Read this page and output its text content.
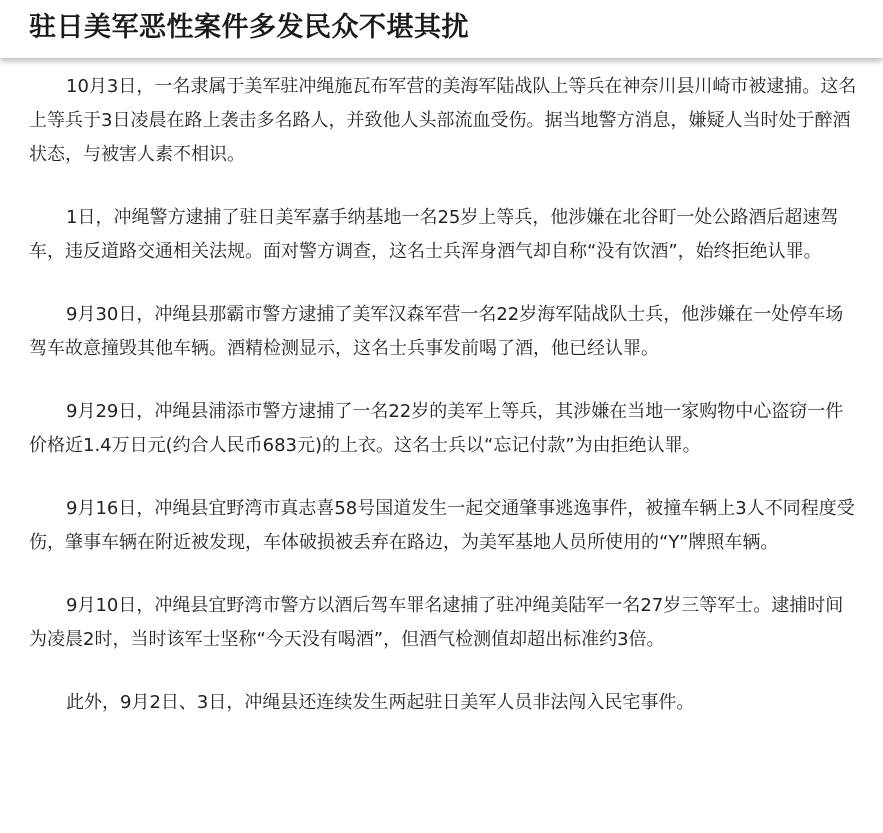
驻日美军恶性案件多发民众不堪其扰

10月3日，一名隶属于美军驻冲绳施瓦布军营的美海军陆战队上等兵在神奈川县川崎市被逮捕。这名上等兵于3日凌晨在路上袭击多名路人，并致他人头部流血受伤。据当地警方消息，嫌疑人当时处于醉酒状态，与被害人素不相识。

1日，冲绳警方逮捕了驻日美军嘉手纳基地一名25岁上等兵，他涉嫌在北谷町一处公路酒后超速驾车，违反道路交通相关法规。面对警方调查，这名士兵浑身酒气却自称“没有饮酒”，始终拒绝认罪。

9月30日，冲绳县那霸市警方逮捕了美军汉森军营一名22岁海军陆战队士兵，他涉嫌在一处停车场驾车故意撞毁其他车辆。酒精检测显示，这名士兵事发前喝了酒，他已经认罪。

9月29日，冲绳县浦添市警方逮捕了一名22岁的美军上等兵，其涉嫌在当地一家购物中心盗窃一件价格近1.4万日元(约合人民币683元)的上衣。这名士兵以“忘记付款”为由拒绝认罪。

9月16日，冲绳县宜野湾市真志喜58号国道发生一起交通肇事逃逸事件，被撞车辆上3人不同程度受伤，肇事车辆在附近被发现，车体破损被丢弃在路边，为美军基地人员所使用的“Y”牌照车辆。

9月10日，冲绳县宜野湾市警方以酒后驾车罪名逮捕了驻冲绳美陆军一名27岁三等军士。逮捕时间为凌晨2时，当时该军士坚称“今天没有喝酒”，但酒气检测值却超出标准约3倍。

此外，9月2日、3日，冲绳县还连续发生两起驻日美军人员非法闯入民宅事件。
